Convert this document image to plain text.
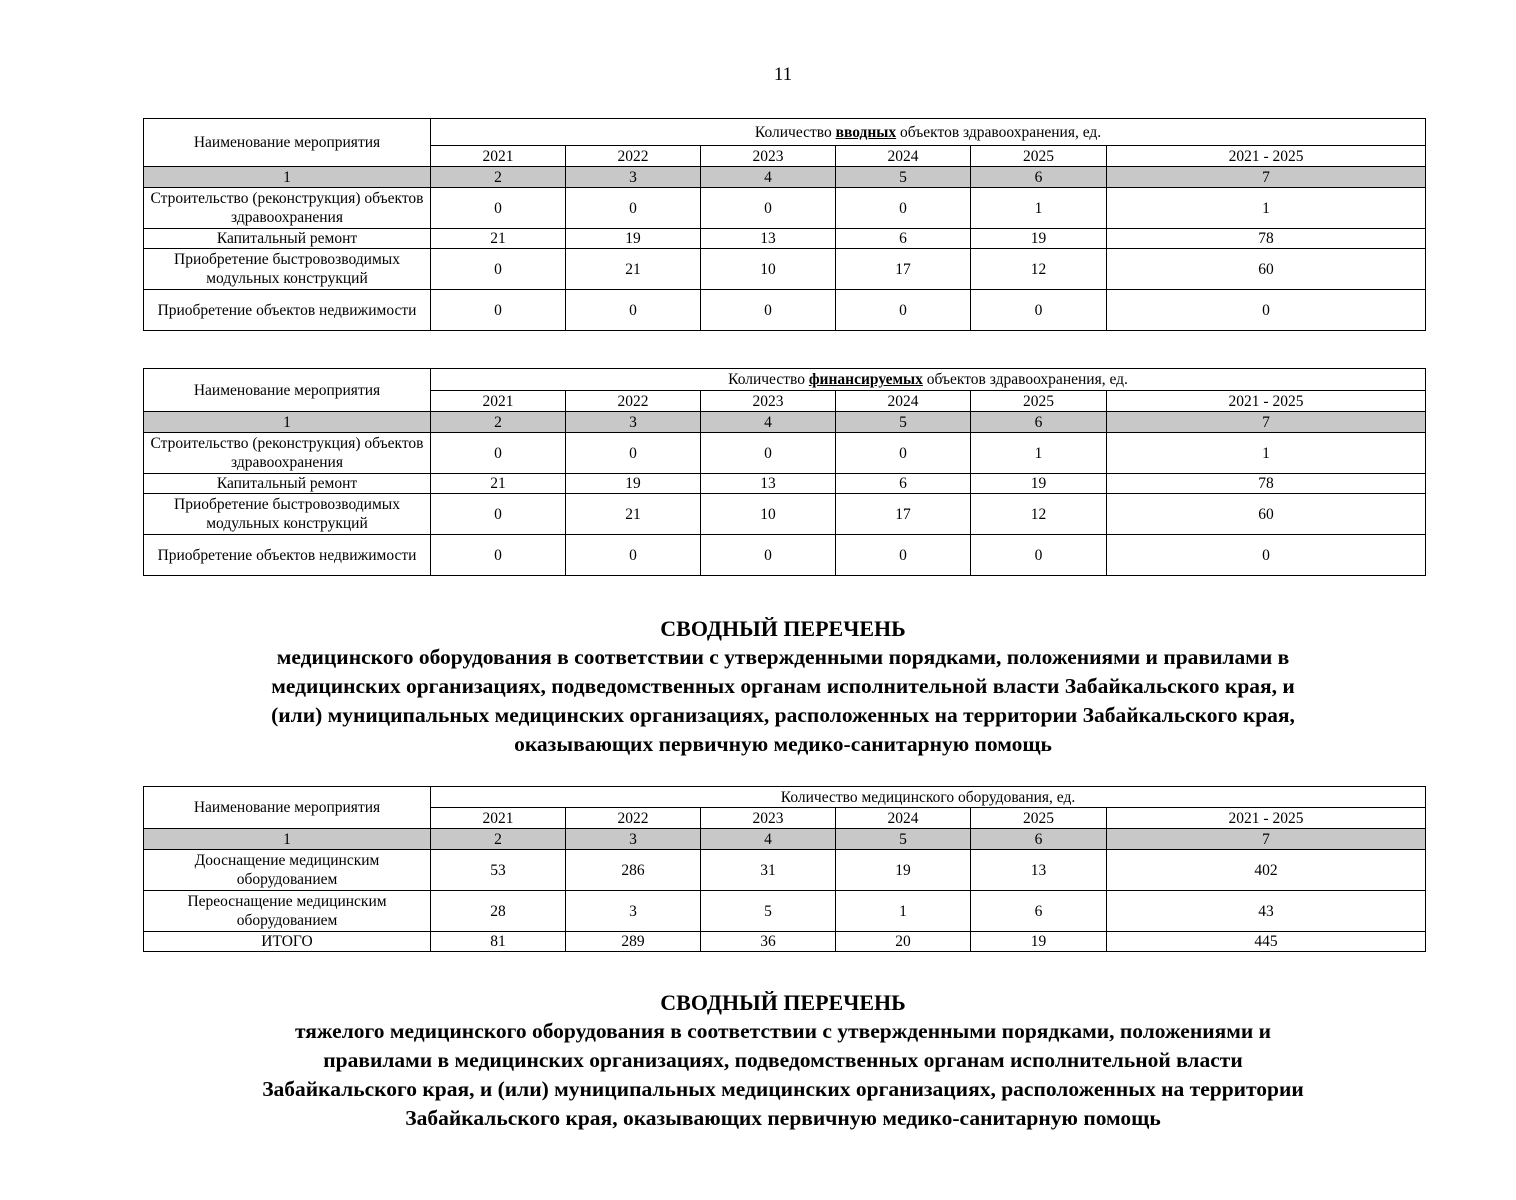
11
Наименование мероприятия	Количество вводных объектов здравоохранения, ед.					
	2021	2022	2023	2024	2025	2021 - 2025
1	2	3	4	5	6	7
Строительство (реконструкция) объектов здравоохранения	0	0	0	0	1	1
Капитальный ремонт	21	19	13	6	19	78
Приобретение быстровозводимых модульных конструкций	0	21	10	17	12	60
Приобретение объектов недвижимости	0	0	0	0	0	0
Наименование мероприятия	Количество финансируемых объектов здравоохранения, ед.					
	2021	2022	2023	2024	2025	2021 - 2025
1	2	3	4	5	6	7
Строительство (реконструкция) объектов здравоохранения	0	0	0	0	1	1
Капитальный ремонт	21	19	13	6	19	78
Приобретение быстровозводимых модульных конструкций	0	21	10	17	12	60
Приобретение объектов недвижимости	0	0	0	0	0	0
СВОДНЫЙ ПЕРЕЧЕНЬ
медицинского оборудования в соответствии с утвержденными порядками, положениями и правилами в
медицинских организациях, подведомственных органам исполнительной власти Забайкальского края, и
(или) муниципальных медицинских организациях, расположенных на территории Забайкальского края,
оказывающих первичную медико-санитарную помощь
Наименование мероприятия	Количество медицинского оборудования, ед.					
	2021	2022	2023	2024	2025	2021 - 2025
1	2	3	4	5	6	7
Дооснащение медицинским оборудованием	53	286	31	19	13	402
Переоснащение медицинским оборудованием	28	3	5	1	6	43
ИТОГО	81	289	36	20	19	445
СВОДНЫЙ ПЕРЕЧЕНЬ
тяжелого медицинского оборудования в соответствии с утвержденными порядками, положениями и
правилами в медицинских организациях, подведомственных органам исполнительной власти
Забайкальского края, и (или) муниципальных медицинских организациях, расположенных на территории
Забайкальского края, оказывающих первичную медико-санитарную помощь
